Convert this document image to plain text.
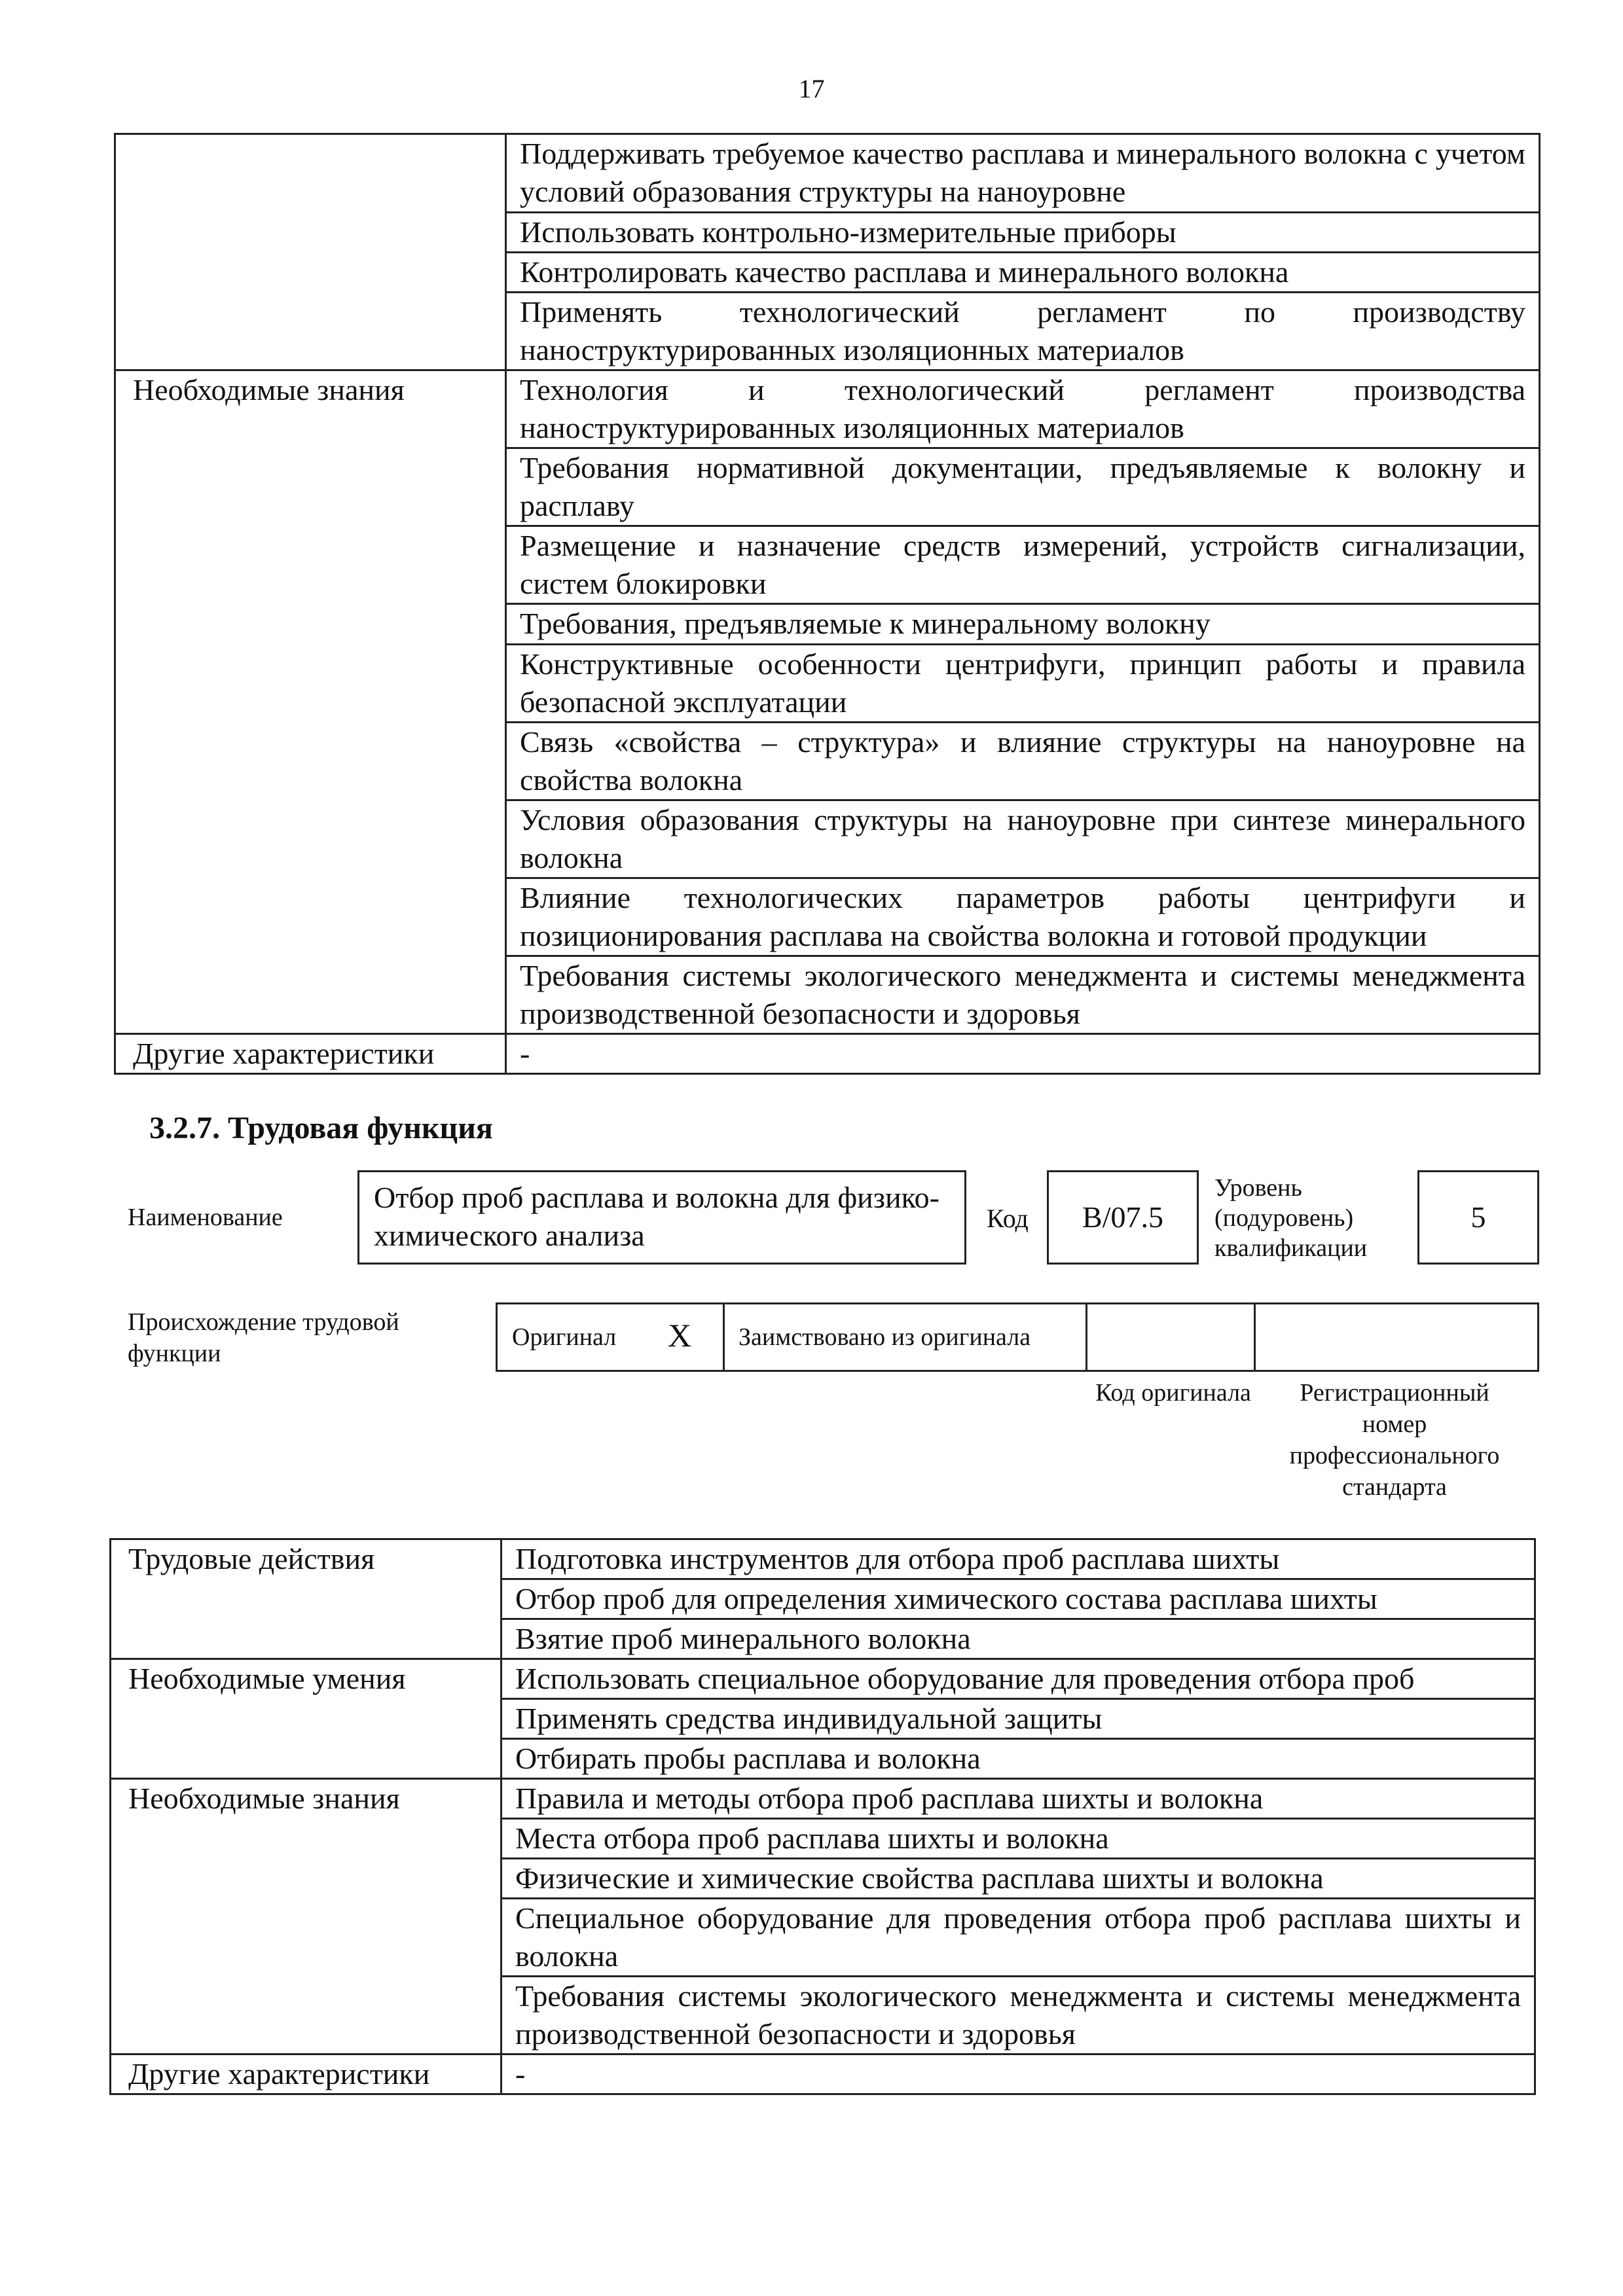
17
	Поддерживать требуемое качество расплава и минерального волокна с учетом условий образования структуры на наноуровне
	Использовать контрольно-измерительные приборы
	Контролировать качество расплава и минерального волокна
	Применять технологический регламент по производству наноструктурированных изоляционных материалов
Необходимые знания	Технология и технологический регламент производства наноструктурированных изоляционных материалов
	Требования нормативной документации, предъявляемые к волокну и расплаву
	Размещение и назначение средств измерений, устройств сигнализации, систем блокировки
	Требования, предъявляемые к минеральному волокну
	Конструктивные особенности центрифуги, принцип работы и правила безопасной эксплуатации
	Связь «свойства – структура» и влияние структуры на наноуровне на свойства волокна
	Условия образования структуры на наноуровне при синтезе минерального волокна
	Влияние технологических параметров работы центрифуги и позиционирования расплава на свойства волокна и готовой продукции
	Требования системы экологического менеджмента и системы менеджмента производственной безопасности и здоровья
Другие характеристики	-
3.2.7. Трудовая функция
Наименование
Отбор проб расплава и волокна для физико-химического анализа
Код	B/07.5
Уровень (подуровень) квалификации
5
Происхождение трудовой функции
Оригинал X Заимствовано из оригинала
Код оригинала	Регистрационный номер профессионального стандарта
Трудовые действия	Подготовка инструментов для отбора проб расплава шихты
	Отбор проб для определения химического состава расплава шихты
	Взятие проб минерального волокна
Необходимые умения	Использовать специальное оборудование для проведения отбора проб
	Применять средства индивидуальной защиты
	Отбирать пробы расплава и волокна
Необходимые знания	Правила и методы отбора проб расплава шихты и волокна
	Места отбора проб расплава шихты и волокна
	Физические и химические свойства расплава шихты и волокна
	Специальное оборудование для проведения отбора проб расплава шихты и волокна
	Требования системы экологического менеджмента и системы менеджмента производственной безопасности и здоровья
Другие характеристики	-
